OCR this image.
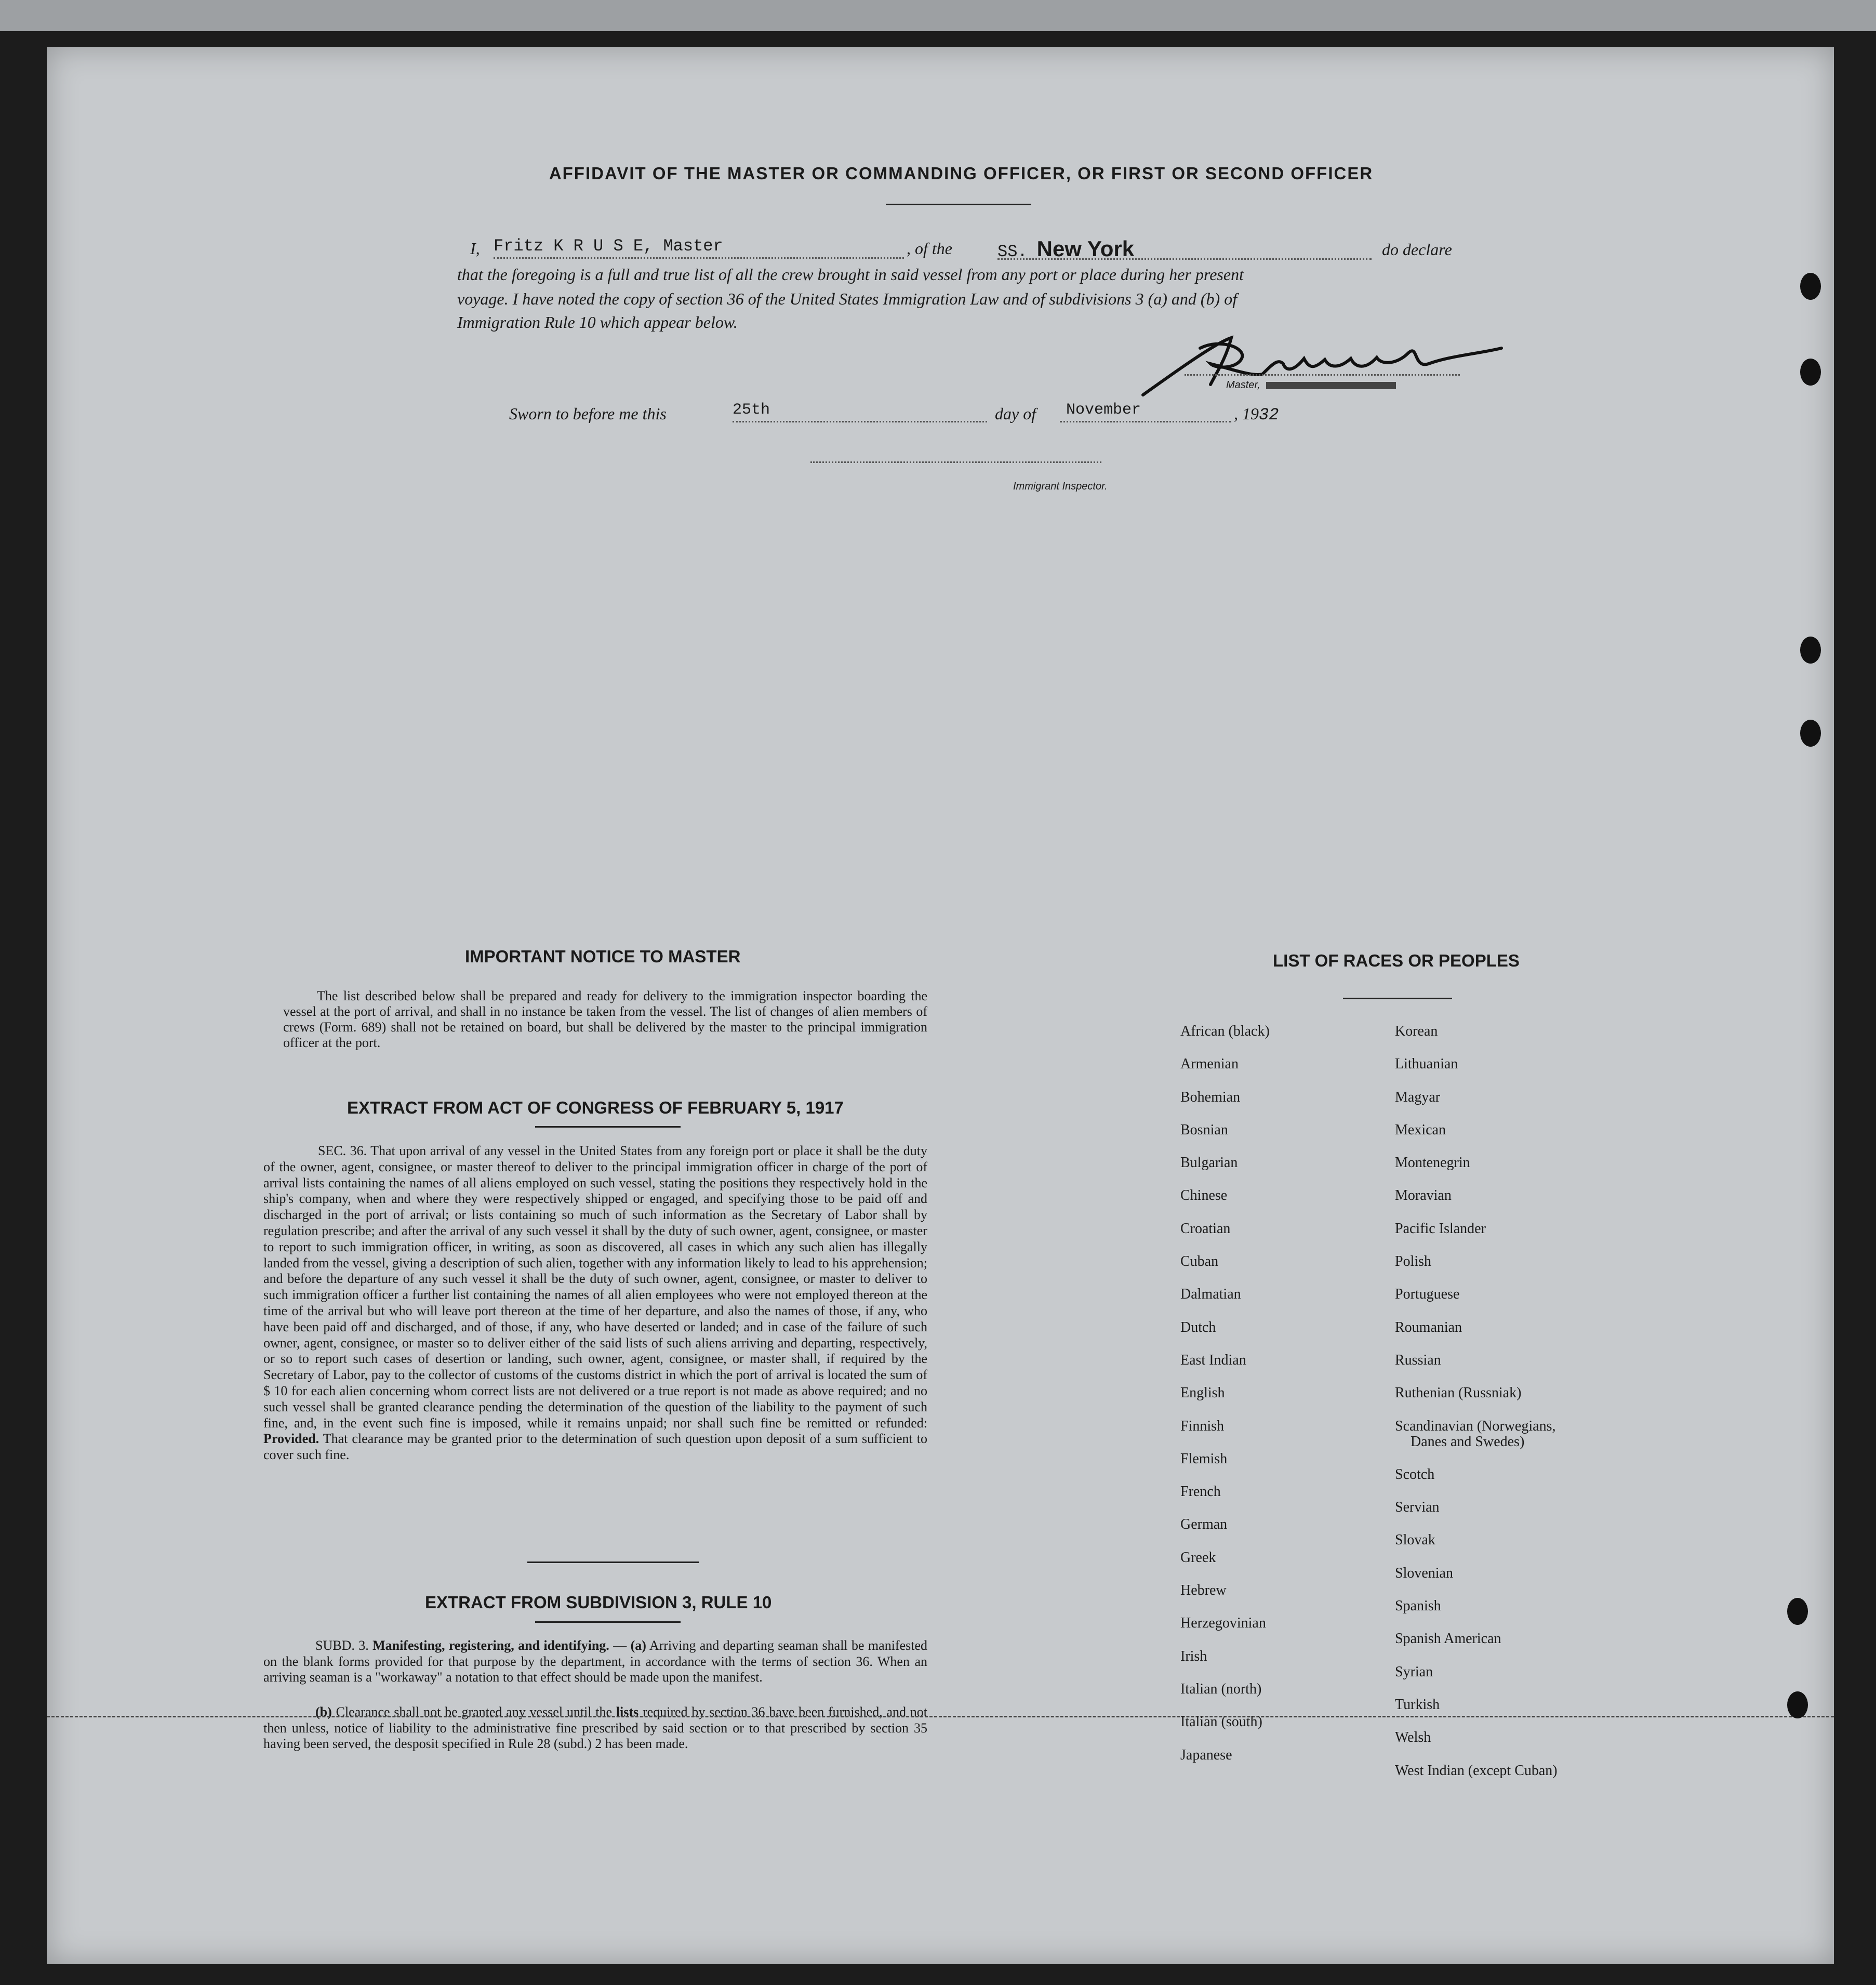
AFFIDAVIT OF THE MASTER OR COMMANDING OFFICER, OR FIRST OR SECOND OFFICER
I, Fritz K R U S E, Master	, of the	SS. New York	do declare
that the foregoing is a full and true list of all the crew brought in said vessel from any port or place during her present
voyage. I have noted the copy of section 36 of the United States Immigration Law and of subdivisions 3 (a) and (b) of
Immigration Rule 10 which appear below.
Master,
Sworn to before me this	25th	day of	November	, 1932
Immigrant Inspector.
IMPORTANT NOTICE TO MASTER
The list described below shall be prepared and ready for delivery to the immigration inspector boarding the vessel at the port of arrival, and shall in no instance be taken from the vessel. The list of changes of alien members of crews (Form. 689) shall not be retained on board, but shall be delivered by the master to the principal immigration officer at the port.
EXTRACT FROM ACT OF CONGRESS OF FEBRUARY 5, 1917

SEC. 36. That upon arrival of any vessel in the United States from any foreign port or place it shall be the duty of the owner, agent, consignee, or master thereof to deliver to the principal immigration officer in charge of the port of arrival lists containing the names of all aliens employed on such vessel, stating the positions they respectively hold in the ship's company, when and where they were respectively shipped or engaged, and specifying those to be paid off and discharged in the port of arrival; or lists containing so much of such information as the Secretary of Labor shall by regulation prescribe; and after the arrival of any such vessel it shall by the duty of such owner, agent, consignee, or master to report to such immigration officer, in writing, as soon as discovered, all cases in which any such alien has illegally landed from the vessel, giving a description of such alien, together with any information likely to lead to his apprehension; and before the departure of any such vessel it shall be the duty of such owner, agent, consignee, or master to deliver to such immigration officer a further list containing the names of all alien employees who were not employed thereon at the time of the arrival but who will leave port thereon at the time of her departure, and also the names of those, if any, who have been paid off and discharged, and of those, if any, who have deserted or landed; and in case of the failure of such owner, agent, consignee, or master so to deliver either of the said lists of such aliens arriving and departing, respectively, or so to report such cases of desertion or landing, such owner, agent, consignee, or master shall, if required by the Secretary of Labor, pay to the collector of customs of the customs district in which the port of arrival is located the sum of $ 10 for each alien concerning whom correct lists are not delivered or a true report is not made as above required; and no such vessel shall be granted clearance pending the determination of the question of the liability to the payment of such fine, and, in the event such fine is imposed, while it remains unpaid; nor shall such fine be remitted or refunded: Provided. That clearance may be granted prior to the determination of such question upon deposit of a sum sufficient to cover such fine.

EXTRACT FROM SUBDIVISION 3, RULE 10

SUBD. 3. Manifesting, registering, and identifying. — (a) Arriving and departing seaman shall be manifested on the blank forms provided for that purpose by the department, in accordance with the terms of section 36. When an arriving seaman is a "workaway" a notation to that effect should be made upon the manifest.

(b) Clearance shall not be granted any vessel until the lists required by section 36 have been furnished, and not then unless, notice of liability to the administrative fine prescribed by said section or to that prescribed by section 35 having been served, the desposit specified in Rule 28 (subd.) 2 has been made.

LIST OF RACES OR PEOPLES
African (black)
Armenian
Bohemian
Bosnian
Bulgarian
Chinese
Croatian
Cuban
Dalmatian
Dutch
East Indian
English
Finnish
Flemish
French
German
Greek
Hebrew
Herzegovinian
Irish
Italian (north)
Italian (south)
Japanese
Korean
Lithuanian
Magyar
Mexican
Montenegrin
Moravian
Pacific Islander
Polish
Portuguese
Roumanian
Russian
Ruthenian (Russniak)
Scandinavian (Norwegians,
Danes and Swedes)
Scotch
Servian
Slovak
Slovenian
Spanish
Spanish American
Syrian
Turkish
Welsh
West Indian (except Cuban)
